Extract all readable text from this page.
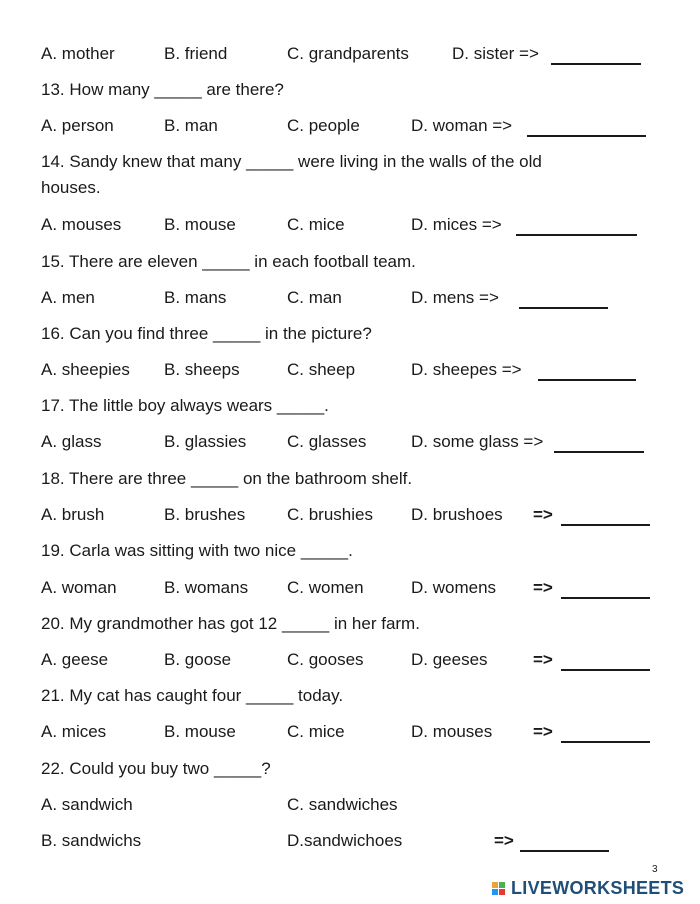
A. mother	B. friend	C. grandparents	D. sister =>
13. How many _____ are there?
A. person	B. man	C. people	D. woman =>
14. Sandy knew that many _____ were living in the walls of the old
houses.
A. mouses	B. mouse	C. mice	D. mices =>
15. There are eleven _____ in each football team.
A. men	B. mans	C. man	D. mens =>
16. Can you find three _____ in the picture?
A. sheepies B. sheeps	C. sheep	D. sheepes =>
17. The little boy always wears _____.
A. glass	B. glassies C. glasses	D. some glass =>
18. There are three _____ on the bathroom shelf.
A. brush	B. brushes C. brushies D. brushoes =>
19. Carla was sitting with two nice _____.
A. woman	B. womans C. women	D. womens =>
20. My grandmother has got 12 _____ in her farm.
A. geese	B. goose	C. gooses	D. geeses	=>
21. My cat has caught four _____ today.
A. mices	B. mouse	C. mice	D. mouses =>
22. Could you buy two _____?
A. sandwich	C. sandwiches
B. sandwichs	D.sandwichoes	=>
3
LIVEWORKSHEETS
